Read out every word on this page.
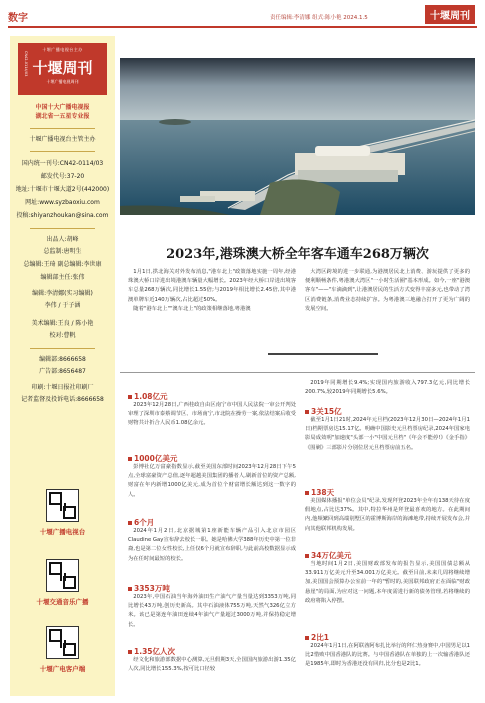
数字	责任编辑:李清娜 组式:陈小艳 2024.1.5	十堰周刊
CN42-0114/03
十堰广播电视台主办
十堰周刊
十堰广播电视周刊
中国十大广播电视报
湖北省一五星专业报
十堰广播电视台主管主办
国内统一刊号:CN42-0114/03
邮发代号:37-20
地址:十堰市十堰大道2号(442000)
网址:www.syzbaoxiu.com
投稿:shiyanzhoukan@sina.com
出品人:胡峰
总监制:唐明生
总编辑:王琦 副总编辑:李世康
编辑部主任:张伟
编辑:李清娜(实习编辑)
李伟 / 于子涵
美术编辑:王良 / 陈小艳
校对:曹帆
编辑部:8666658
广告部:8656487
印刷:十堰日报社印刷厂
记者监督及投诉电话:8666658
十堰广播电视台
十堰交通音乐广播
十堰广电客户端
2023年,港珠澳大桥全年客车通车268万辆次

1月1日,拱北海关对外发布消息,"港车北上"政策落地实施一周年,经港珠澳大桥口岸进出境港澳车辆量大幅增长。2023年经大桥口岸进出境客车总量268万辆次,同比增长1.55倍;与2019年相比增长2.45倍,其中港澳单牌车近140万辆次,占比超过50%。

随着"港车北上""澳车北上"的政策相继落地,粤港澳

大湾区跨境的进一步联通,为港澳居民北上消费、游玩提供了更多的便利顺畅条件,粤港澳大湾区"一小时生活圈"基本形成。如今,一座"港澳客车"——"车滴滴到",让港澳居民的生活方式变得丰富多元,也带动了湾区消费链条,消费业态持续扩容。为粤港澳三地融合打开了更为广阔的发展空间。

1.08亿元
2023年12月28日,广西桂政自由区南宁市中国人民法院一审公开判处审理了深圳市泰蔡调节区、市场南宁,市北院在操劳一案,依法结案后收受财物共计折合人民币1.08亿余元。
1000亿美元
彭博社亿万富豪指数显示,截至美国东部时间2023年12月28日下午5点,全球富豪资产总值,逐年超越美国集团的播者人,刷新首位的资产总额,财富在年内新增1000亿美元,成为首位个财富增长额达到这一数字的人。
6个月
2024年1月2日,北京据城第1座新能车辆产品引入北京市园区Claudine Gay宣布辞去校长一职。她是哈佛大学388年历史中第一位非裔,也是第二位女性校长,上任仅6个月就宣布辞职,与此前高校数据显示成为在任时间最短的校长。
3353万吨
2023年,中国石油当年海外油田生产油气产量当量达到3353万吨,同比增长43万吨,创历史新高。其中石油液体755万吨,天然气326亿立方米。该已是第连年油田连续4年油气产量超过3000万吨,并保持稳定增长。
1.35亿人次
经文化和旅游部数据中心测算,元旦假期3天,全国国内旅游出游1.35亿人次,同比增长155.3%,按可比口径较
2019年同期增长9.4%;实现国内旅游收入797.3亿元,同比增长200.7%,较2019年同期增长5.6%。
3关15亿
截至1月1日21时,2024年元旦档(2023年12月30日—2024年1月1日)档期票房达15.17亿。明确中国影史元旦档票房纪录,2024年国家电影局成效明"加速度"头部一小"中国元旦档"《年会不能停!》《金手指》《围剿》三部影片分别位居元旦档票房前五名。
138天
美国媒体播报"单位会员"纪录,发现拜登2023年全年有138天待在度假地点,占比达37%。其中,特拉华州是拜登最喜欢的地方。在此期间内,他频繁回到高端别墅区的霍博斯海岸的海滩地带,持续开展发布会,并向其他联邦机构发展。
34万亿美元
当地时间1月2日,美国财政部发布的报告显示,美国国债总额从33.911万亿美元升至34.001万亿美元。截至目前,未来几周将继续增加,美国国会预算办公室前一年的"暂时的,美国联邦政府正在面临"财政悬崖"的局面,为应对这一问题,本年度需进行新的债务管理,若将继续的政府将陷入停摆。
2比1
2024年1月1日,在阿联酋阿布扎比举行的拜仁热身赛中,中国男足以1比2惜败中国香港队的比赛。与中国香港队在单独的上一次输香港队还是1985年,即时为香港还没有回归,比分也是2比1。
